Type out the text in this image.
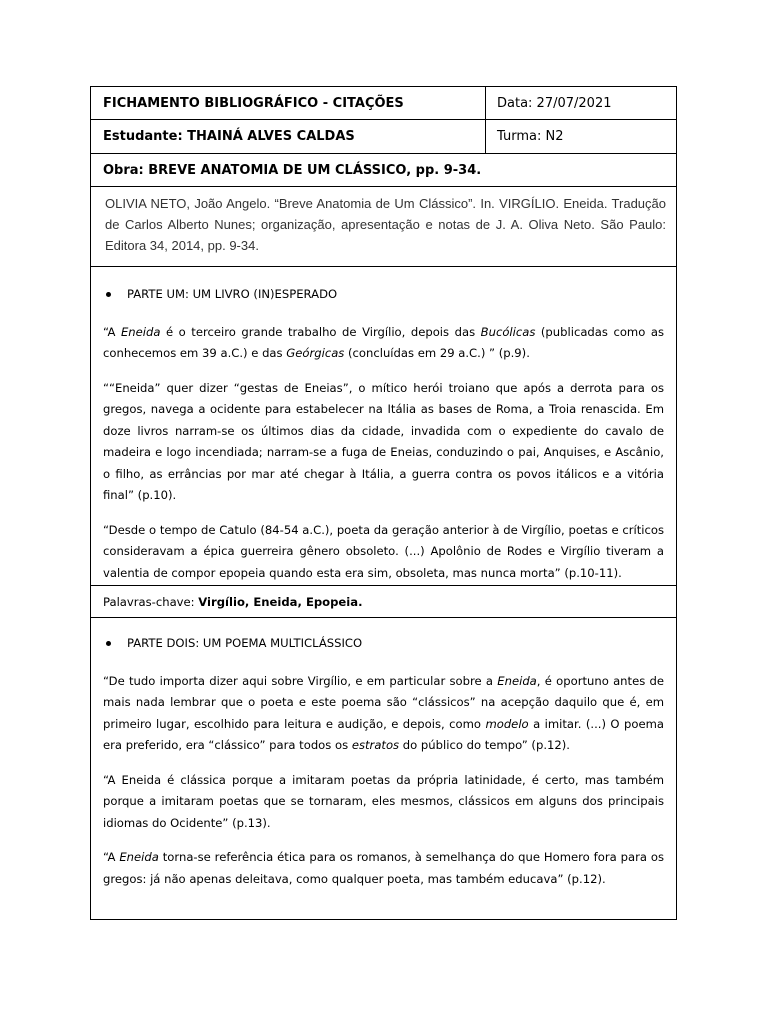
FICHAMENTO BIBLIOGRÁFICO - CITAÇÕES	Data: 27/07/2021
Estudante: THAINÁ ALVES CALDAS	Turma: N2
Obra: BREVE ANATOMIA DE UM CLÁSSICO, pp. 9-34.
OLIVIA NETO, João Angelo. “Breve Anatomia de Um Clássico”. In. VIRGÍLIO. Eneida. Tradução de Carlos Alberto Nunes; organização, apresentação e notas de J. A. Oliva Neto. São Paulo: Editora 34, 2014, pp. 9-34.
PARTE UM: UM LIVRO (IN)ESPERADO

“A Eneida é o terceiro grande trabalho de Virgílio, depois das Bucólicas (publicadas como as conhecemos em 39 a.C.) e das Geórgicas (concluídas em 29 a.C.) ” (p.9).

““Eneida” quer dizer “gestas de Eneias”, o mítico herói troiano que após a derrota para os gregos, navega a ocidente para estabelecer na Itália as bases de Roma, a Troia renascida. Em doze livros narram-se os últimos dias da cidade, invadida com o expediente do cavalo de madeira e logo incendiada; narram-se a fuga de Eneias, conduzindo o pai, Anquises, e Ascânio, o filho, as errâncias por mar até chegar à Itália, a guerra contra os povos itálicos e a vitória final” (p.10).

“Desde o tempo de Catulo (84-54 a.C.), poeta da geração anterior à de Virgílio, poetas e críticos consideravam a épica guerreira gênero obsoleto. (...) Apolônio de Rodes e Virgílio tiveram a valentia de compor epopeia quando esta era sim, obsoleta, mas nunca morta” (p.10-11).

Palavras-chave:
Virgílio, Eneida, Epopeia.
PARTE DOIS: UM POEMA MULTICLÁSSICO

“De tudo importa dizer aqui sobre Virgílio, e em particular sobre a Eneida, é oportuno antes de mais nada lembrar que o poeta e este poema são “clássicos” na acepção daquilo que é, em primeiro lugar, escolhido para leitura e audição, e depois, como modelo a imitar. (...) O poema era preferido, era “clássico” para todos os estratos do público do tempo” (p.12).

“A Eneida é clássica porque a imitaram poetas da própria latinidade, é certo, mas também porque a imitaram poetas que se tornaram, eles mesmos, clássicos em alguns dos principais idiomas do Ocidente” (p.13).

“A Eneida torna-se referência ética para os romanos, à semelhança do que Homero fora para os gregos: já não apenas deleitava, como qualquer poeta, mas também educava” (p.12).
